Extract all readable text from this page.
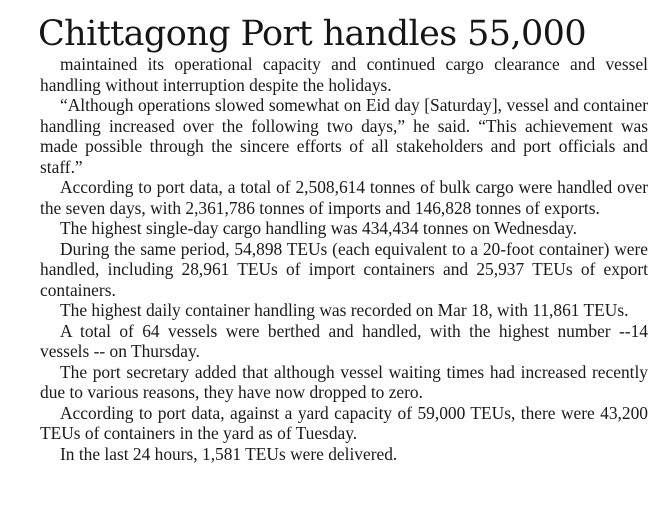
Chittagong Port handles 55,000

maintained its operational capacity and continued cargo clearance and vessel handling without interruption despite the holidays.

“Although operations slowed somewhat on Eid day [Saturday], vessel and container handling increased over the following two days,” he said. “This achievement was made possible through the sincere efforts of all stakeholders and port officials and staff.”

According to port data, a total of 2,508,614 tonnes of bulk cargo were handled over the seven days, with 2,361,786 tonnes of imports and 146,828 tonnes of exports.

The highest single-day cargo handling was 434,434 tonnes on Wednesday.

During the same period, 54,898 TEUs (each equivalent to a 20-foot container) were handled, including 28,961 TEUs of import containers and 25,937 TEUs of export containers.

The highest daily container handling was recorded on Mar 18, with 11,861 TEUs.

A total of 64 vessels were berthed and handled, with the highest number --14 vessels -- on Thursday.

The port secretary added that although vessel waiting times had increased recently due to various reasons, they have now dropped to zero.

According to port data, against a yard capacity of 59,000 TEUs, there were 43,200 TEUs of containers in the yard as of Tuesday.

In the last 24 hours, 1,581 TEUs were delivered.
